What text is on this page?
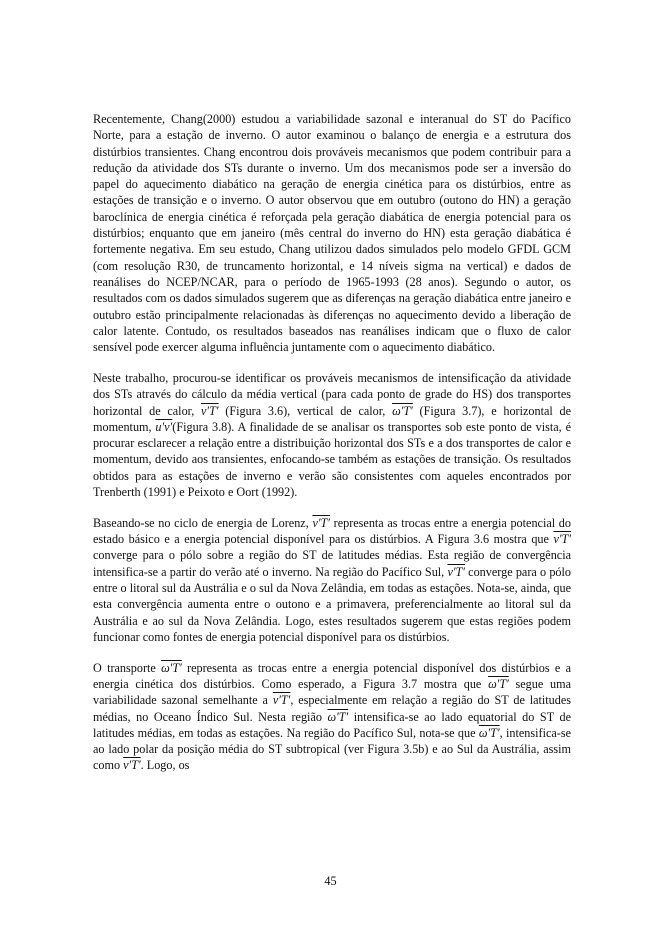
Recentemente, Chang(2000) estudou a variabilidade sazonal e interanual do ST do Pacífico Norte, para a estação de inverno. O autor examinou o balanço de energia e a estrutura dos distúrbios transientes. Chang encontrou dois prováveis mecanismos que podem contribuir para a redução da atividade dos STs durante o inverno. Um dos mecanismos pode ser a inversão do papel do aquecimento diabático na geração de energia cinética para os distúrbios, entre as estações de transição e o inverno. O autor observou que em outubro (outono do HN) a geração baroclínica de energia cinética é reforçada pela geração diabática de energia potencial para os distúrbios; enquanto que em janeiro (mês central do inverno do HN) esta geração diabática é fortemente negativa. Em seu estudo, Chang utilizou dados simulados pelo modelo GFDL GCM (com resolução R30, de truncamento horizontal, e 14 níveis sigma na vertical) e dados de reanálises do NCEP/NCAR, para o período de 1965-1993 (28 anos). Segundo o autor, os resultados com os dados simulados sugerem que as diferenças na geração diabática entre janeiro e outubro estão principalmente relacionadas às diferenças no aquecimento devido a liberação de calor latente. Contudo, os resultados baseados nas reanálises indicam que o fluxo de calor sensível pode exercer alguma influência juntamente com o aquecimento diabático.

Neste trabalho, procurou-se identificar os prováveis mecanismos de intensificação da atividade dos STs através do cálculo da média vertical (para cada ponto de grade do HS) dos transportes horizontal de calor, v′T′ (Figura 3.6), vertical de calor, ω′T′ (Figura 3.7), e horizontal de momentum, u′v′(Figura 3.8). A finalidade de se analisar os transportes sob este ponto de vista, é procurar esclarecer a relação entre a distribuição horizontal dos STs e a dos transportes de calor e momentum, devido aos transientes, enfocando-se também as estações de transição. Os resultados obtidos para as estações de inverno e verão são consistentes com aqueles encontrados por Trenberth (1991) e Peixoto e Oort (1992).

Baseando-se no ciclo de energia de Lorenz, v′T′ representa as trocas entre a energia potencial do estado básico e a energia potencial disponível para os distúrbios. A Figura 3.6 mostra que v′T′ converge para o pólo sobre a região do ST de latitudes médias. Esta região de convergência intensifica-se a partir do verão até o inverno. Na região do Pacífico Sul, v′T′ converge para o pólo entre o litoral sul da Austrália e o sul da Nova Zelândia, em todas as estações. Nota-se, ainda, que esta convergência aumenta entre o outono e a primavera, preferencialmente ao litoral sul da Austrália e ao sul da Nova Zelândia. Logo, estes resultados sugerem que estas regiões podem funcionar como fontes de energia potencial disponível para os distúrbios.

O transporte ω′T′ representa as trocas entre a energia potencial disponível dos distúrbios e a energia cinética dos distúrbios. Como esperado, a Figura 3.7 mostra que ω′T′ segue uma variabilidade sazonal semelhante a v′T′, especialmente em relação a região do ST de latitudes médias, no Oceano Índico Sul. Nesta região ω′T′ intensifica-se ao lado equatorial do ST de latitudes médias, em todas as estações. Na região do Pacífico Sul, nota-se que ω′T′, intensifica-se ao lado polar da posição média do ST subtropical (ver Figura 3.5b) e ao Sul da Austrália, assim como v′T′. Logo, os

45
